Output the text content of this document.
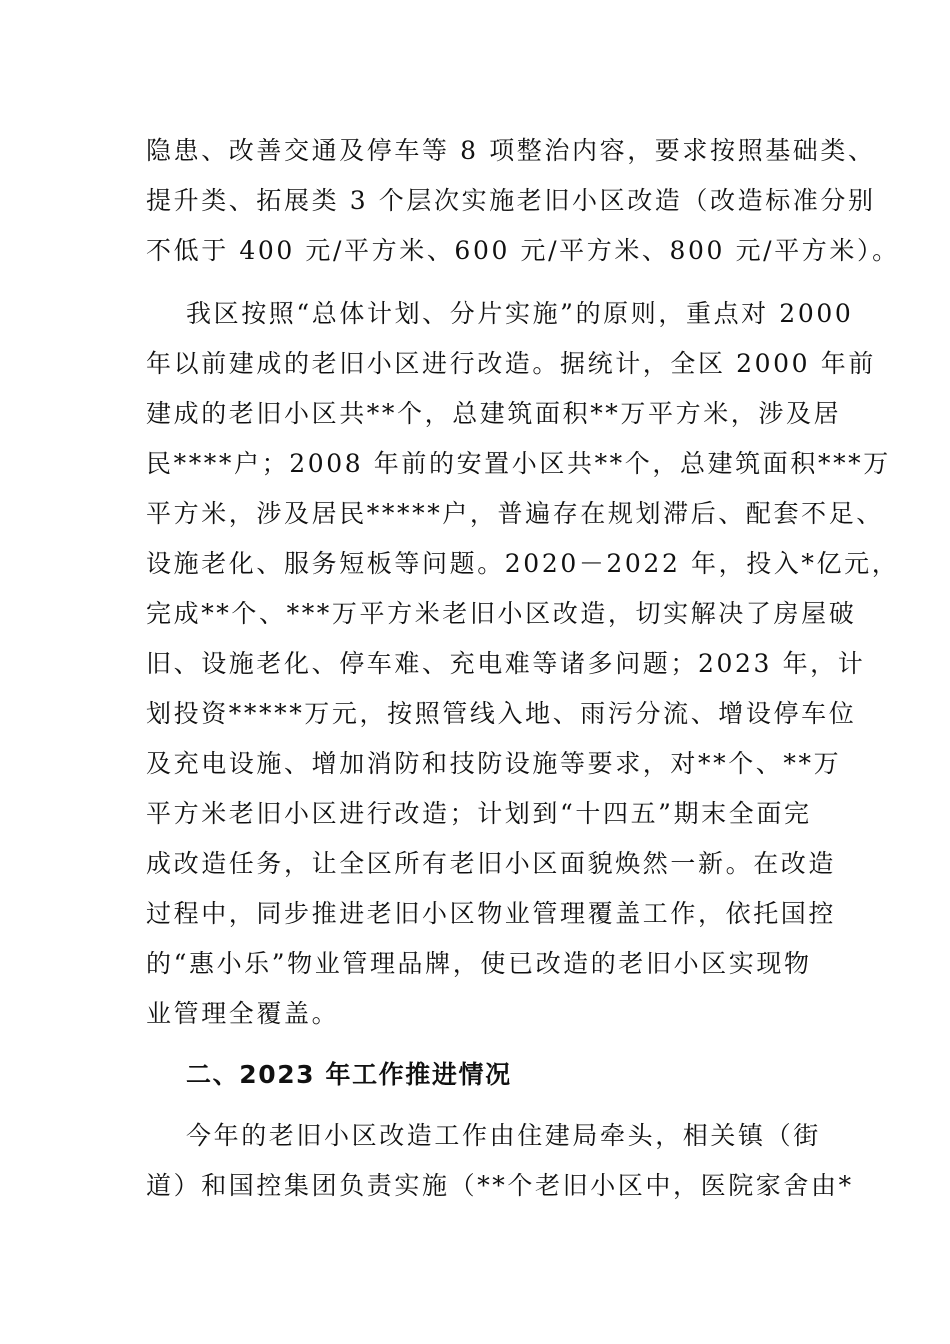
隐患、改善交通及停车等 8 项整治内容，要求按照基础类、
提升类、拓展类 3 个层次实施老旧小区改造（改造标准分别
不低于 400 元/平方米、600 元/平方米、800 元/平方米）。
我区按照“总体计划、分片实施”的原则，重点对 2000
年以前建成的老旧小区进行改造。据统计，全区 2000 年前
建成的老旧小区共**个，总建筑面积**万平方米，涉及居
民****户；2008 年前的安置小区共**个，总建筑面积***万
平方米，涉及居民*****户，普遍存在规划滞后、配套不足、
设施老化、服务短板等问题。2020－2022 年，投入*亿元，
完成**个、***万平方米老旧小区改造，切实解决了房屋破
旧、设施老化、停车难、充电难等诸多问题；2023 年，计
划投资*****万元，按照管线入地、雨污分流、增设停车位
及充电设施、增加消防和技防设施等要求，对**个、**万
平方米老旧小区进行改造；计划到“十四五”期末全面完
成改造任务，让全区所有老旧小区面貌焕然一新。在改造
过程中，同步推进老旧小区物业管理覆盖工作，依托国控
的“惠小乐”物业管理品牌，使已改造的老旧小区实现物
业管理全覆盖。
二、2023 年工作推进情况
今年的老旧小区改造工作由住建局牵头，相关镇（街
道）和国控集团负责实施（**个老旧小区中，医院家舍由*
